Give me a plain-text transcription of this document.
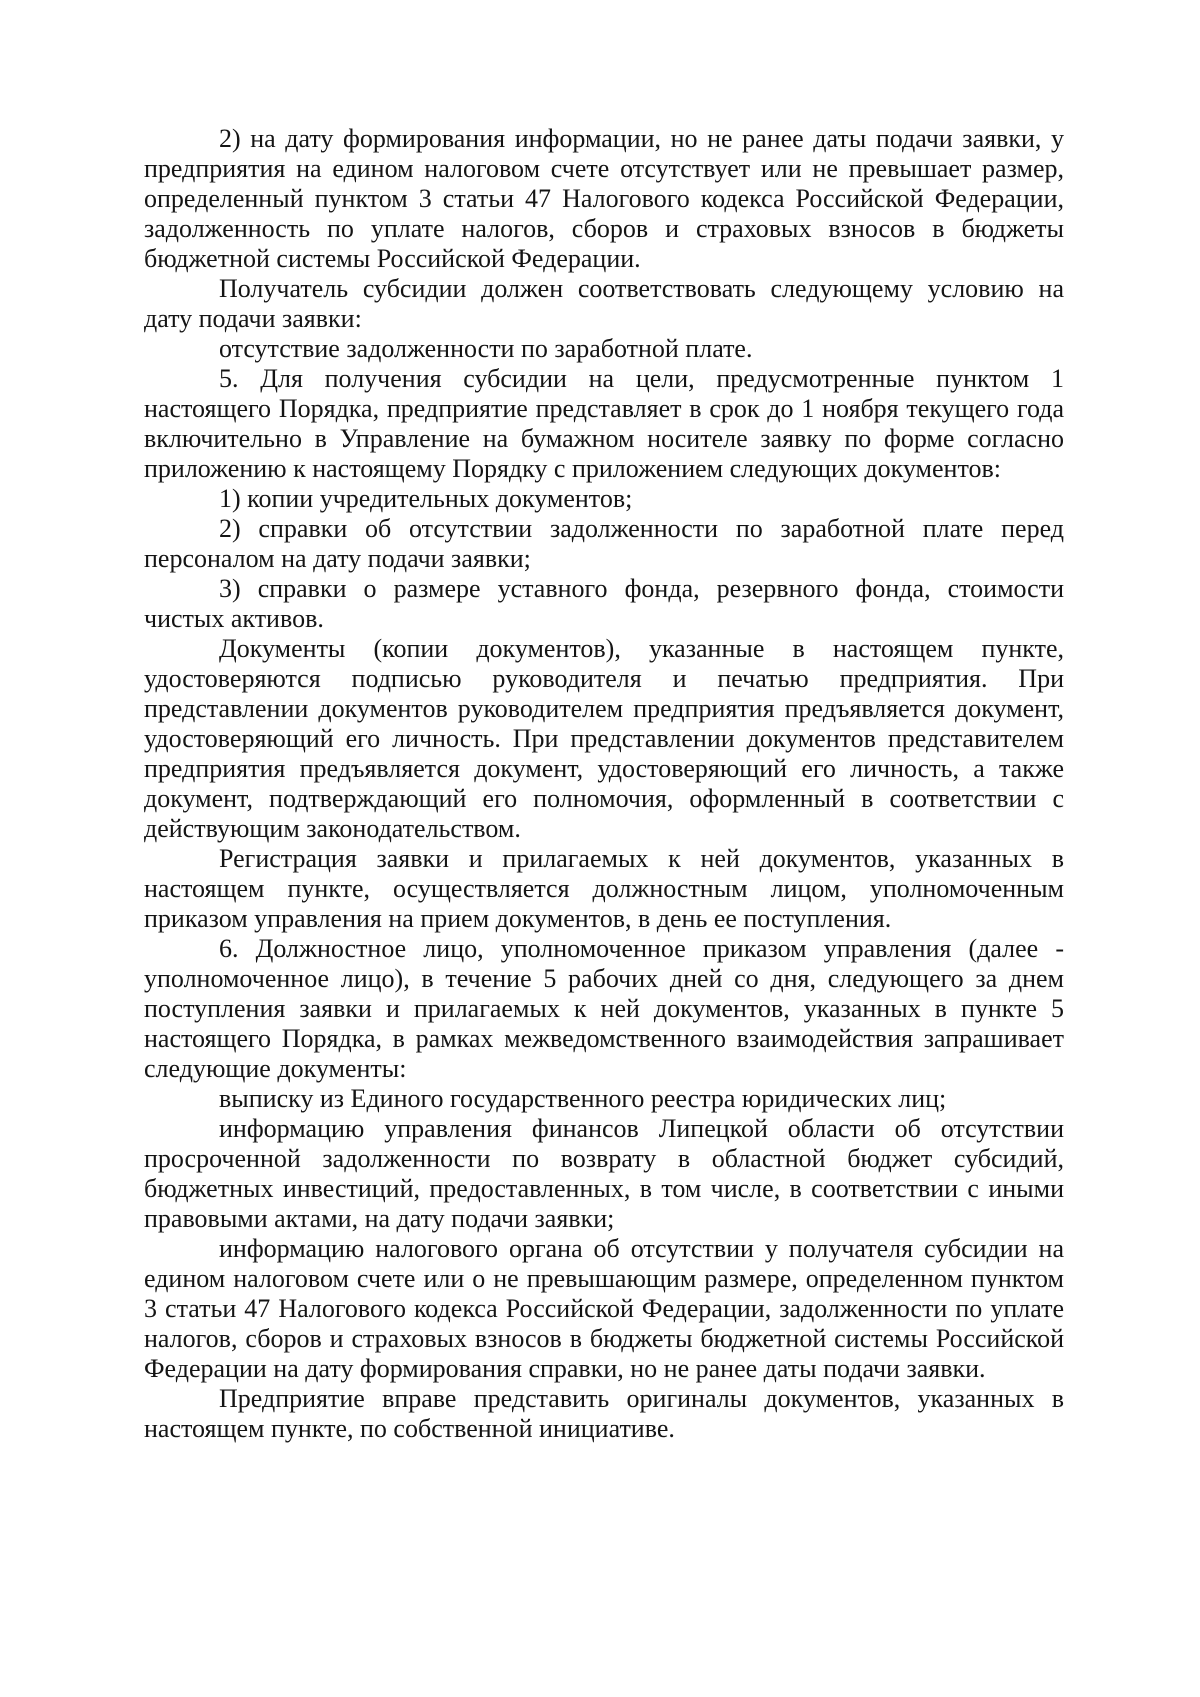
2) на дату формирования информации, но не ранее даты подачи заявки, у предприятия на едином налоговом счете отсутствует или не превышает размер, определенный пунктом 3 статьи 47 Налогового кодекса Российской Федерации, задолженность по уплате налогов, сборов и страховых взносов в бюджеты бюджетной системы Российской Федерации.

Получатель субсидии должен соответствовать следующему условию на дату подачи заявки:

отсутствие задолженности по заработной плате.

5. Для получения субсидии на цели, предусмотренные пунктом 1 настоящего Порядка, предприятие представляет в срок до 1 ноября текущего года включительно в Управление на бумажном носителе заявку по форме согласно приложению к настоящему Порядку с приложением следующих документов:

1) копии учредительных документов;

2) справки об отсутствии задолженности по заработной плате перед персоналом на дату подачи заявки;

3) справки о размере уставного фонда, резервного фонда, стоимости чистых активов.

Документы (копии документов), указанные в настоящем пункте, удостоверяются подписью руководителя и печатью предприятия. При представлении документов руководителем предприятия предъявляется документ, удостоверяющий его личность. При представлении документов представителем предприятия предъявляется документ, удостоверяющий его личность, а также документ, подтверждающий его полномочия, оформленный в соответствии с действующим законодательством.

Регистрация заявки и прилагаемых к ней документов, указанных в настоящем пункте, осуществляется должностным лицом, уполномоченным приказом управления на прием документов, в день ее поступления.

6. Должностное лицо, уполномоченное приказом управления (далее - уполномоченное лицо), в течение 5 рабочих дней со дня, следующего за днем поступления заявки и прилагаемых к ней документов, указанных в пункте 5 настоящего Порядка, в рамках межведомственного взаимодействия запрашивает следующие документы:

выписку из Единого государственного реестра юридических лиц;

информацию управления финансов Липецкой области об отсутствии просроченной задолженности по возврату в областной бюджет субсидий, бюджетных инвестиций, предоставленных, в том числе, в соответствии с иными правовыми актами, на дату подачи заявки;

информацию налогового органа об отсутствии у получателя субсидии на едином налоговом счете или о не превышающим размере, определенном пунктом 3 статьи 47 Налогового кодекса Российской Федерации, задолженности по уплате налогов, сборов и страховых взносов в бюджеты бюджетной системы Российской Федерации на дату формирования справки, но не ранее даты подачи заявки.

Предприятие вправе представить оригиналы документов, указанных в настоящем пункте, по собственной инициативе.
